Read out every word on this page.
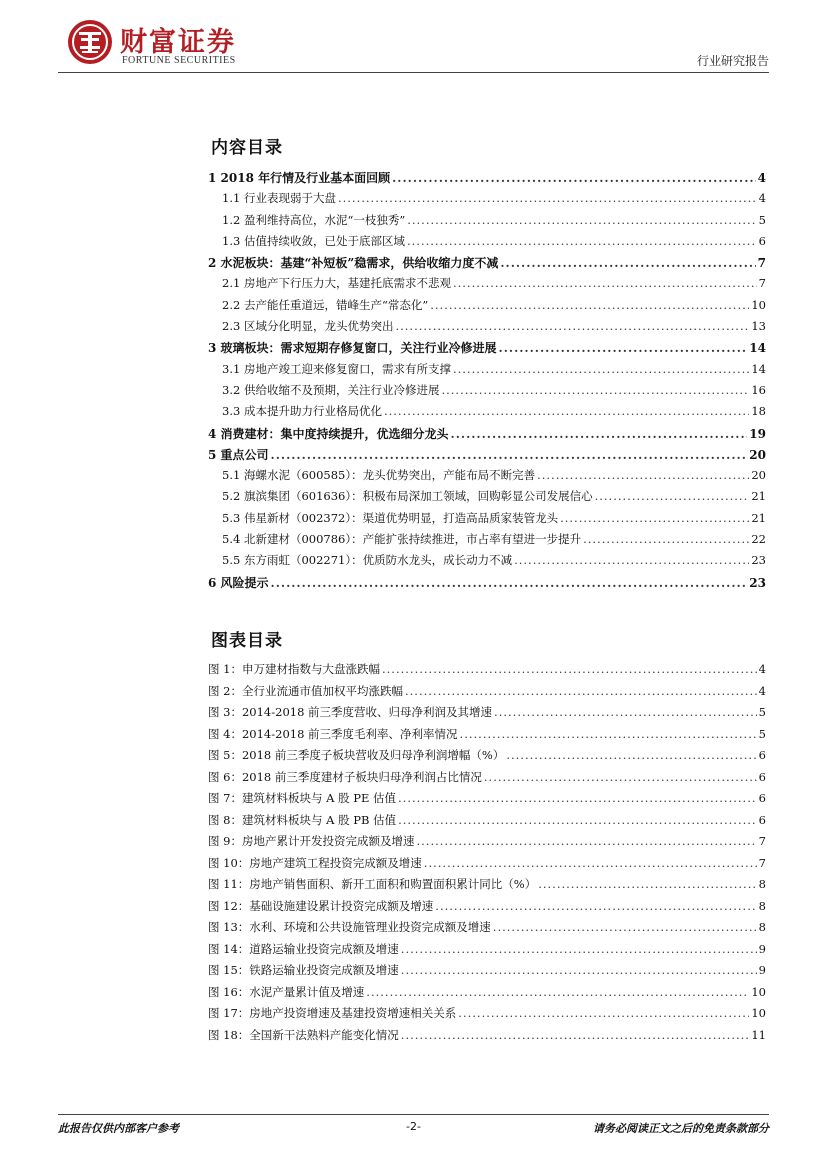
财富证券
FORTUNE SECURITIES	行业研究报告
内容目录
1 2018 年行情及行业基本面回顾 .....	4
1.1 行业表现弱于大盘 .....	4
1.2 盈利维持高位，水泥“一枝独秀” .....	5
1.3 估值持续收敛，已处于底部区域 .....	6
2 水泥板块：基建“补短板”稳需求，供给收缩力度不减 .....	7
2.1 房地产下行压力大，基建托底需求不悲观 .....	7
2.2 去产能任重道远，错峰生产“常态化” .....	10
2.3 区域分化明显，龙头优势突出 .....	13
3 玻璃板块：需求短期存修复窗口，关注行业冷修进展 .....	14
3.1 房地产竣工迎来修复窗口，需求有所支撑 .....	14
3.2 供给收缩不及预期，关注行业冷修进展 .....	16
3.3 成本提升助力行业格局优化 .....	18
4 消费建材：集中度持续提升，优选细分龙头 .....	19
5 重点公司 .....	20
5.1 海螺水泥（600585）：龙头优势突出，产能布局不断完善 .....	20
5.2 旗滨集团（601636）：积极布局深加工领域，回购彰显公司发展信心 .....	21
5.3 伟星新材（002372）：渠道优势明显，打造高品质家装管龙头 .....	21
5.4 北新建材（000786）：产能扩张持续推进，市占率有望进一步提升 .....	22
5.5 东方雨虹（002271）：优质防水龙头，成长动力不减 .....	23
6 风险提示 .....	23
图表目录
图 1：申万建材指数与大盘涨跌幅 .....	4
图 2：全行业流通市值加权平均涨跌幅 .....	4
图 3：2014-2018 前三季度营收、归母净利润及其增速 .....	5
图 4：2014-2018 前三季度毛利率、净利率情况 .....	5
图 5：2018 前三季度子板块营收及归母净利润增幅（%） .....	6
图 6：2018 前三季度建材子板块归母净利润占比情况 .....	6
图 7：建筑材料板块与 A 股 PE 估值 .....	6
图 8：建筑材料板块与 A 股 PB 估值 .....	6
图 9：房地产累计开发投资完成额及增速 .....	7
图 10：房地产建筑工程投资完成额及增速 .....	7
图 11：房地产销售面积、新开工面积和购置面积累计同比（%） .....	8
图 12：基础设施建设累计投资完成额及增速 .....	8
图 13：水利、环境和公共设施管理业投资完成额及增速 .....	8
图 14：道路运输业投资完成额及增速 .....	9
图 15：铁路运输业投资完成额及增速 .....	9
图 16：水泥产量累计值及增速 .....	10
图 17：房地产投资增速及基建投资增速相关关系 .....	10
图 18：全国新干法熟料产能变化情况 .....	11
此报告仅供内部客户参考	-2-	请务必阅读正文之后的免责条款部分
